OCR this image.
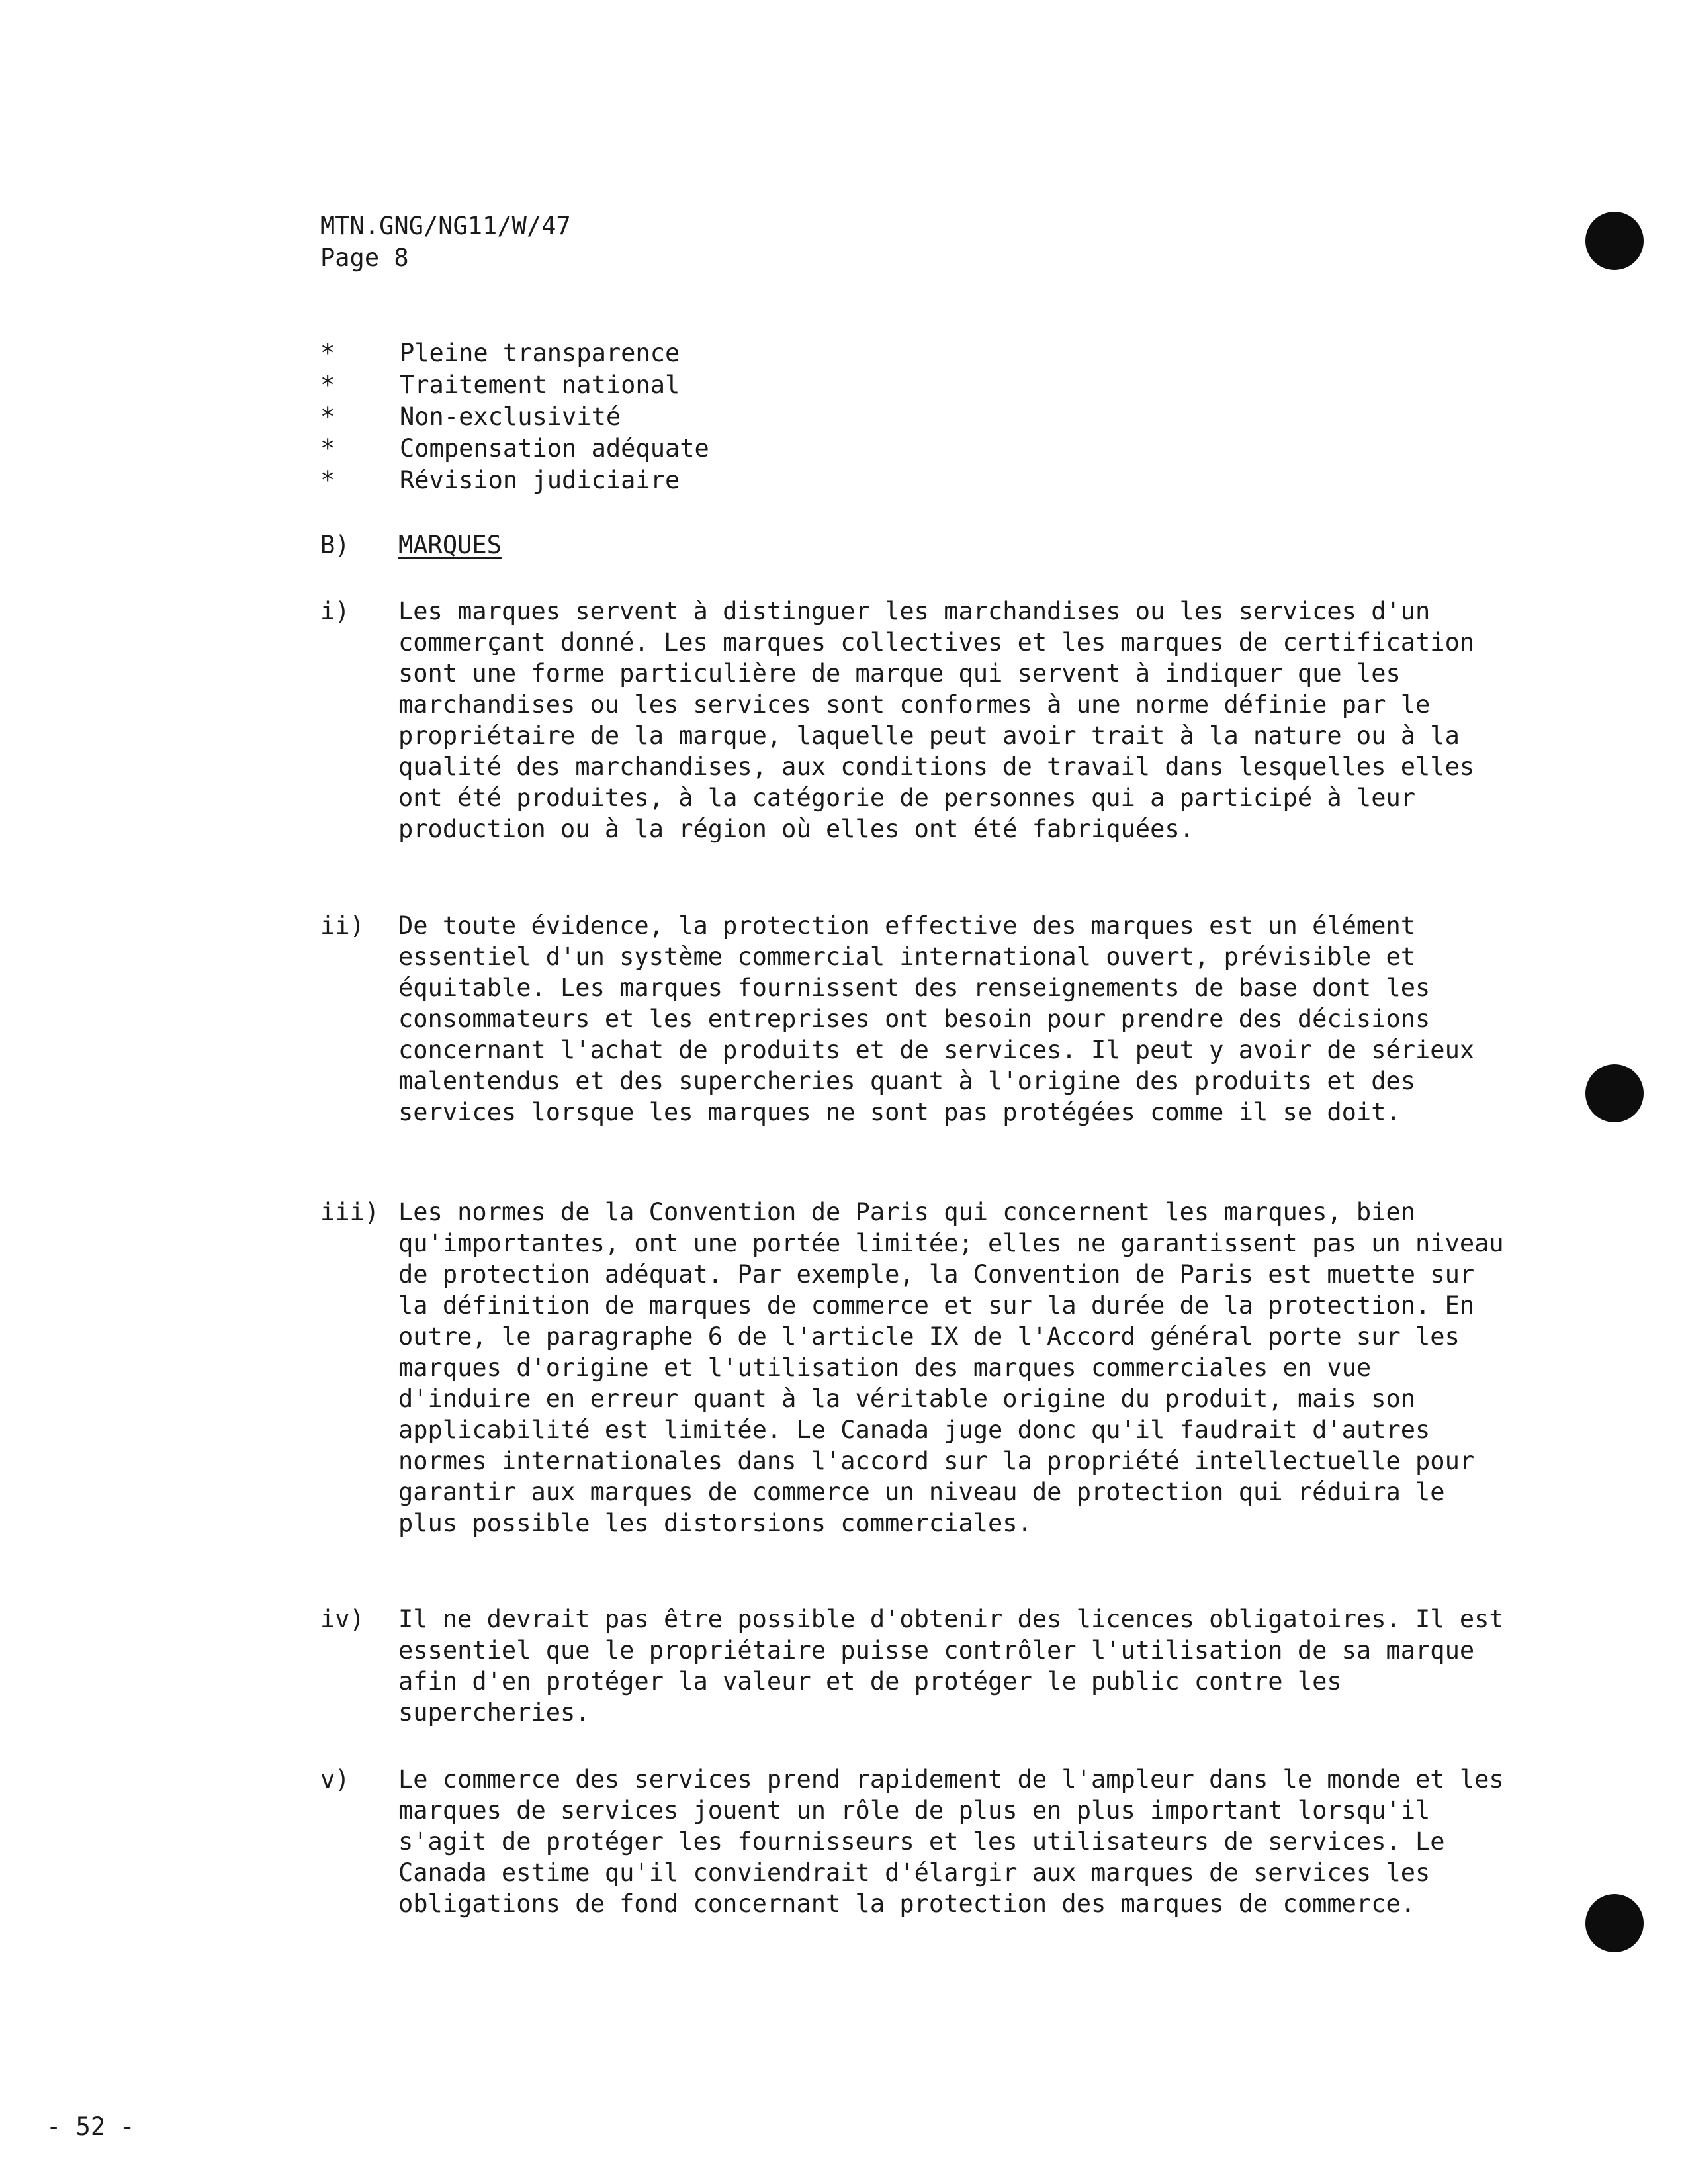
MTN.GNG/NG11/W/47
Page 8
*	Pleine transparence
*	Traitement national
*	Non-exclusivité
*	Compensation adéquate
*	Révision judiciaire
B)	MARQUES
i)	Les marques servent à distinguer les marchandises ou les services d'un commerçant donné. Les marques collectives et les marques de certification sont une forme particulière de marque qui servent à indiquer que les marchandises ou les services sont conformes à une norme définie par le propriétaire de la marque, laquelle peut avoir trait à la nature ou à la qualité des marchandises, aux conditions de travail dans lesquelles elles ont été produites, à la catégorie de personnes qui a participé à leur production ou à la région où elles ont été fabriquées.
ii)	De toute évidence, la protection effective des marques est un élément essentiel d'un système commercial international ouvert, prévisible et équitable. Les marques fournissent des renseignements de base dont les consommateurs et les entreprises ont besoin pour prendre des décisions concernant l'achat de produits et de services. Il peut y avoir de sérieux malentendus et des supercheries quant à l'origine des produits et des services lorsque les marques ne sont pas protégées comme il se doit.
iii) Les normes de la Convention de Paris qui concernent les marques, bien qu'importantes, ont une portée limitée; elles ne garantissent pas un niveau de protection adéquat. Par exemple, la Convention de Paris est muette sur la définition de marques de commerce et sur la durée de la protection. En outre, le paragraphe 6 de l'article IX de l'Accord général porte sur les marques d'origine et l'utilisation des marques commerciales en vue d'induire en erreur quant à la véritable origine du produit, mais son applicabilité est limitée. Le Canada juge donc qu'il faudrait d'autres normes internationales dans l'accord sur la propriété intellectuelle pour garantir aux marques de commerce un niveau de protection qui réduira le plus possible les distorsions commerciales.
iv)	Il ne devrait pas être possible d'obtenir des licences obligatoires. Il est essentiel que le propriétaire puisse contrôler l'utilisation de sa marque afin d'en protéger la valeur et de protéger le public contre les supercheries.
v)	Le commerce des services prend rapidement de l'ampleur dans le monde et les marques de services jouent un rôle de plus en plus important lorsqu'il s'agit de protéger les fournisseurs et les utilisateurs de services. Le Canada estime qu'il conviendrait d'élargir aux marques de services les obligations de fond concernant la protection des marques de commerce.
- 52 -
